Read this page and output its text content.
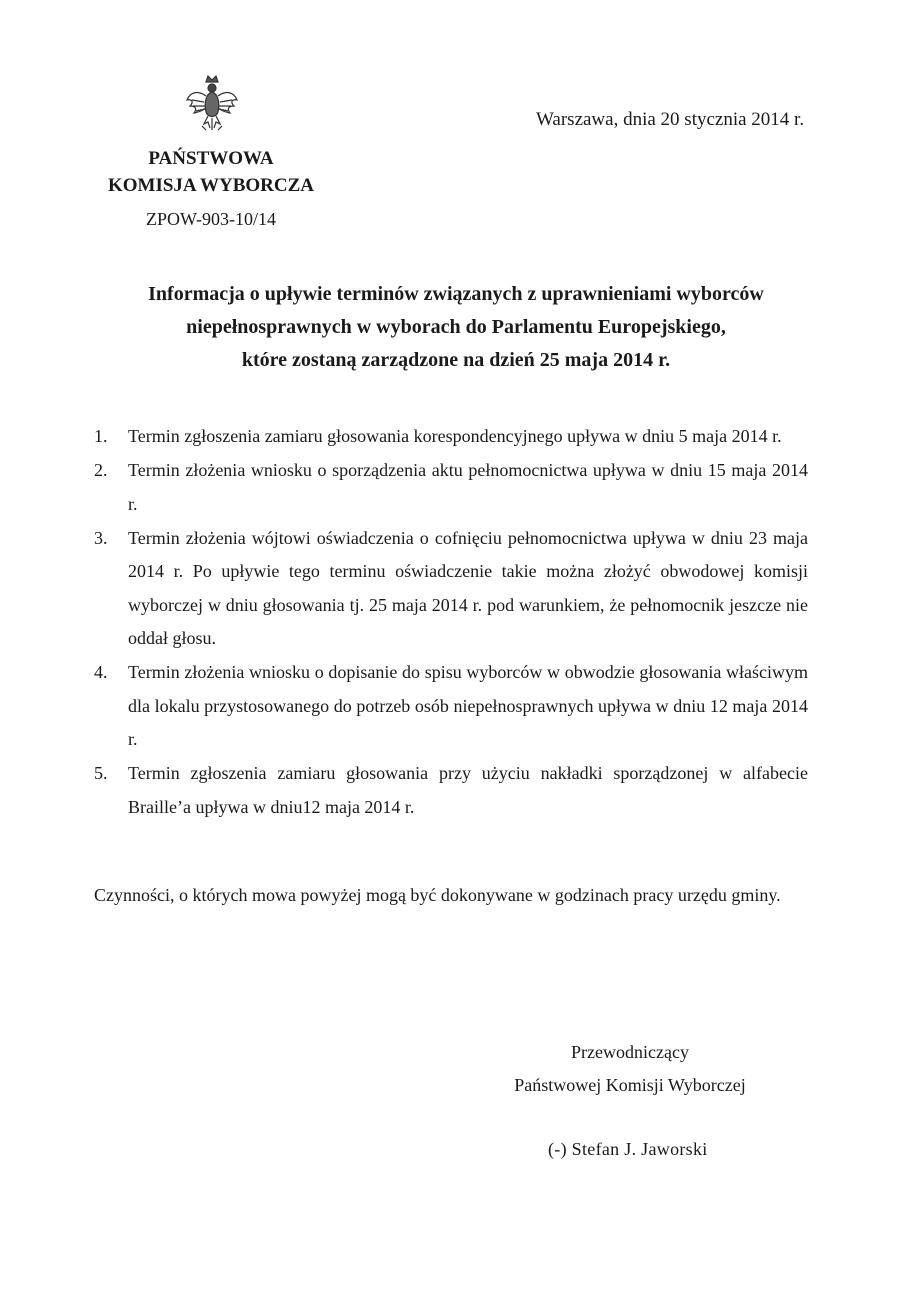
Warszawa, dnia 20 stycznia 2014 r.
PAŃSTWOWA
KOMISJA WYBORCZA
ZPOW-903-10/14
Informacja o upływie terminów związanych z uprawnieniami wyborców
niepełnosprawnych w wyborach do Parlamentu Europejskiego,
które zostaną zarządzone na dzień 25 maja 2014 r.
1. Termin zgłoszenia zamiaru głosowania korespondencyjnego upływa w dniu 5 maja 2014 r.
2. Termin złożenia wniosku o sporządzenia aktu pełnomocnictwa upływa w dniu 15 maja 2014 r.
3. Termin złożenia wójtowi oświadczenia o cofnięciu pełnomocnictwa upływa w dniu 23 maja 2014 r. Po upływie tego terminu oświadczenie takie można złożyć obwodowej komisji wyborczej w dniu głosowania tj. 25 maja 2014 r. pod warunkiem, że pełnomocnik jeszcze nie oddał głosu.
4. Termin złożenia wniosku o dopisanie do spisu wyborców w obwodzie głosowania właściwym dla lokalu przystosowanego do potrzeb osób niepełnosprawnych upływa w dniu 12 maja 2014 r.
5. Termin zgłoszenia zamiaru głosowania przy użyciu nakładki sporządzonej w alfabecie Braille’a upływa w dniu12 maja 2014 r.
Czynności, o których mowa powyżej mogą być dokonywane w godzinach pracy urzędu gminy.
Przewodniczący
Państwowej Komisji Wyborczej
(-) Stefan J. Jaworski
